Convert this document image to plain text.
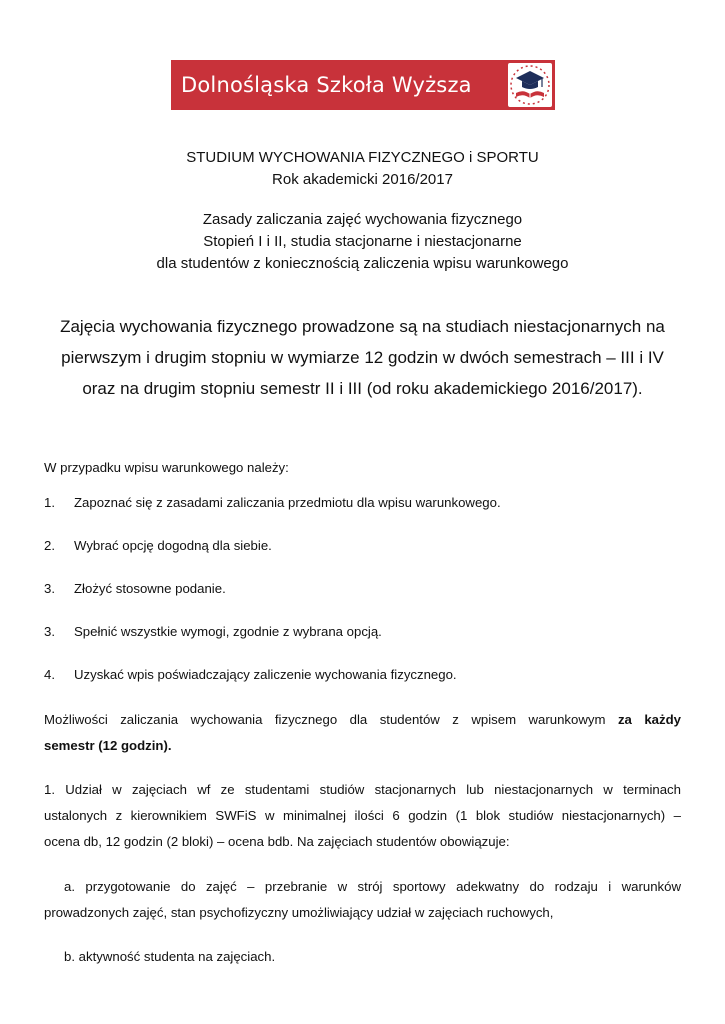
Dolnośląska Szkoła Wyższa
STUDIUM WYCHOWANIA FIZYCZNEGO i SPORTU
Rok akademicki 2016/2017
Zasady zaliczania zajęć wychowania fizycznego
Stopień I i II, studia stacjonarne i niestacjonarne
dla studentów z koniecznością zaliczenia wpisu warunkowego
Zajęcia wychowania fizycznego prowadzone są na studiach niestacjonarnych na
pierwszym i drugim stopniu w wymiarze 12 godzin w dwóch semestrach – III i IV
oraz na drugim stopniu semestr II i III (od roku akademickiego 2016/2017).
W przypadku wpisu warunkowego należy:
1. Zapoznać się z zasadami zaliczania przedmiotu dla wpisu warunkowego.
2. Wybrać opcję dogodną dla siebie.
3. Złożyć stosowne podanie.
3. Spełnić wszystkie wymogi, zgodnie z wybrana opcją.
4. Uzyskać wpis poświadczający zaliczenie wychowania fizycznego.
Możliwości zaliczania wychowania fizycznego dla studentów z wpisem warunkowym za każdy
semestr (12 godzin).
1. Udział w zajęciach wf ze studentami studiów stacjonarnych lub niestacjonarnych w terminach
ustalonych z kierownikiem SWFiS w minimalnej ilości 6 godzin (1 blok studiów niestacjonarnych) –
ocena db, 12 godzin (2 bloki) – ocena bdb. Na zajęciach studentów obowiązuje:
a. przygotowanie do zajęć – przebranie w strój sportowy adekwatny do rodzaju i warunków
prowadzonych zajęć, stan psychofizyczny umożliwiający udział w zajęciach ruchowych,
b. aktywność studenta na zajęciach.
